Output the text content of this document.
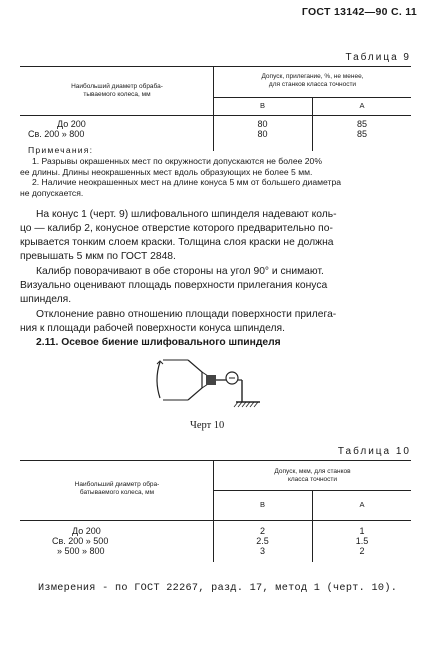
ГОСТ 13142—90 С. 11
Таблица 9
Наибольший диаметр обраба-
тываемого колеса, мм
Допуск, прилегание, %, не менее,
для станков класса точности
В	А
До 200	80	85
Св. 200 » 800	80	85
Примечания:
1. Разрывы окрашенных мест по окружности допускаются не более 20%
ее длины. Длины неокрашенных мест вдоль образующих не более 5 мм.
2. Наличие неокрашенных мест на длине конуса 5 мм от большего диаметра
не допускается.
На конус 1 (черт. 9) шлифовального шпинделя надевают коль-
цо — калибр 2, конусное отверстие которого предварительно по-
крывается тонким слоем краски. Толщина слоя краски не должна
превышать 5 мкм по ГОСТ 2848.
Калибр поворачивают в обе стороны на угол 90° и снимают.
Визуально оценивают площадь поверхности прилегания конуса
шпинделя.
Отклонение равно отношению площади поверхности прилега-
ния к площади рабочей поверхности конуса шпинделя.
2.11. Осевое биение шлифовального шпинделя
Черт 10
Таблица 10
Наибольший диаметр обра-
батываемого колеса, мм
Допуск, мкм, для станков
класса точности
В	А
До 200	2	1
Св. 200 » 500	2.5	1.5
» 500 » 800	3	2
Измерения - по ГОСТ 22267, разд. 17, метод 1 (черт. 10).
